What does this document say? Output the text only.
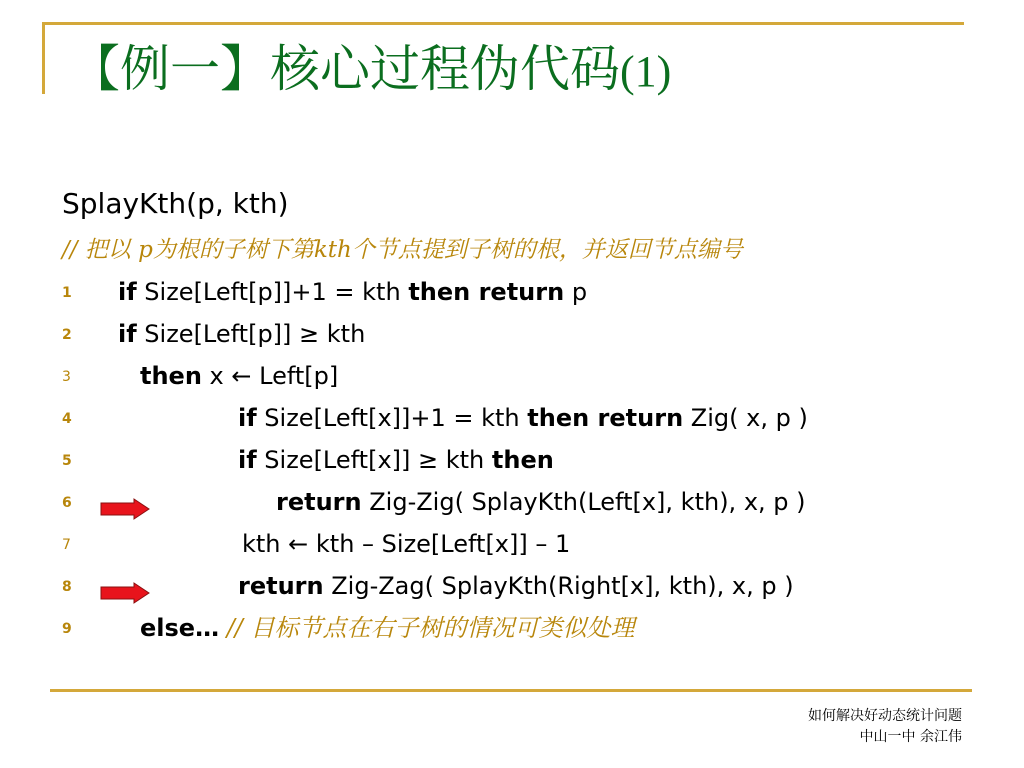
【例一】核心过程伪代码(1)
SplayKth(p, kth)
// 把以 p为根的子树下第kth个节点提到子树的根，并返回节点编号
1	if Size[Left[p]]+1 = kth then return p
2	if Size[Left[p]] ≥ kth
3	then x ← Left[p]
4	if Size[Left[x]]+1 = kth then return Zig( x, p )
5	if Size[Left[x]] ≥ kth then
6	return Zig-Zig( SplayKth(Left[x], kth), x, p )
7	kth ← kth – Size[Left[x]] – 1
8	return Zig-Zag( SplayKth(Right[x], kth), x, p )
9	else… // 目标节点在右子树的情况可类似处理
如何解决好动态统计问题
中山一中 余江伟
